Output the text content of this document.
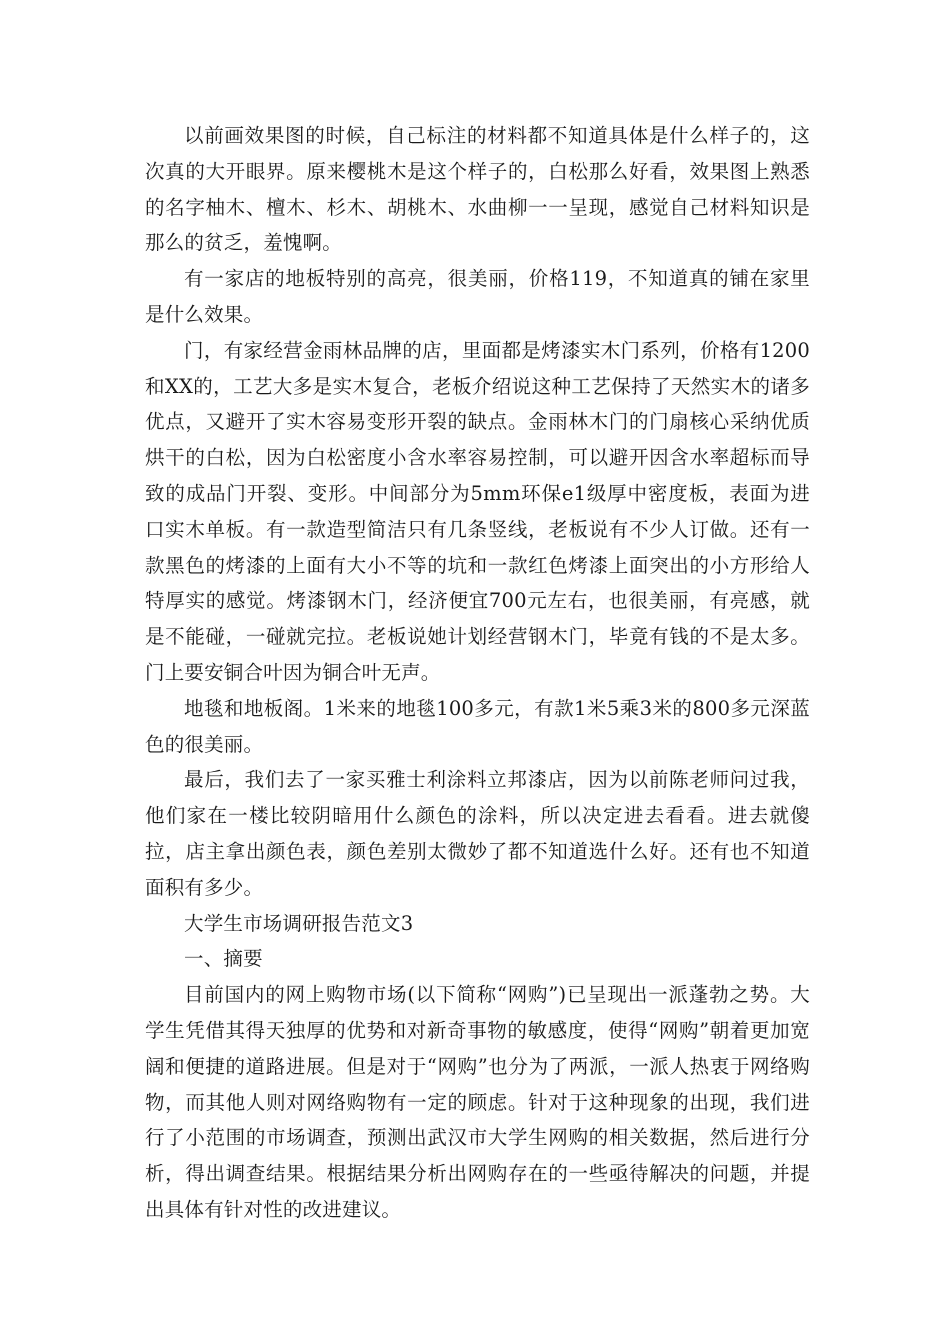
以前画效果图的时候，自己标注的材料都不知道具体是什么样子的，这次真的大开眼界。原来樱桃木是这个样子的，白松那么好看，效果图上熟悉的名字柚木、檀木、杉木、胡桃木、水曲柳一一呈现，感觉自己材料知识是那么的贫乏，羞愧啊。

有一家店的地板特别的高亮，很美丽，价格119，不知道真的铺在家里是什么效果。

门，有家经营金雨林品牌的店，里面都是烤漆实木门系列，价格有1200和XX的，工艺大多是实木复合，老板介绍说这种工艺保持了天然实木的诸多优点，又避开了实木容易变形开裂的缺点。金雨林木门的门扇核心采纳优质烘干的白松，因为白松密度小含水率容易控制，可以避开因含水率超标而导致的成品门开裂、变形。中间部分为5mm环保e1级厚中密度板，表面为进口实木单板。有一款造型简洁只有几条竖线，老板说有不少人订做。还有一款黑色的烤漆的上面有大小不等的坑和一款红色烤漆上面突出的小方形给人特厚实的感觉。烤漆钢木门，经济便宜700元左右，也很美丽，有亮感，就是不能碰，一碰就完拉。老板说她计划经营钢木门，毕竟有钱的不是太多。门上要安铜合叶因为铜合叶无声。

地毯和地板阁。1米来的地毯100多元，有款1米5乘3米的800多元深蓝色的很美丽。

最后，我们去了一家买雅士利涂料立邦漆店，因为以前陈老师问过我，他们家在一楼比较阴暗用什么颜色的涂料，所以决定进去看看。进去就傻拉，店主拿出颜色表，颜色差别太微妙了都不知道选什么好。还有也不知道面积有多少。

大学生市场调研报告范文3

一、摘要

目前国内的网上购物市场(以下简称“网购”)已呈现出一派蓬勃之势。大学生凭借其得天独厚的优势和对新奇事物的敏感度，使得“网购”朝着更加宽阔和便捷的道路进展。但是对于“网购”也分为了两派，一派人热衷于网络购物，而其他人则对网络购物有一定的顾虑。针对于这种现象的出现，我们进行了小范围的市场调查，预测出武汉市大学生网购的相关数据，然后进行分析，得出调查结果。根据结果分析出网购存在的一些亟待解决的问题，并提出具体有针对性的改进建议。
